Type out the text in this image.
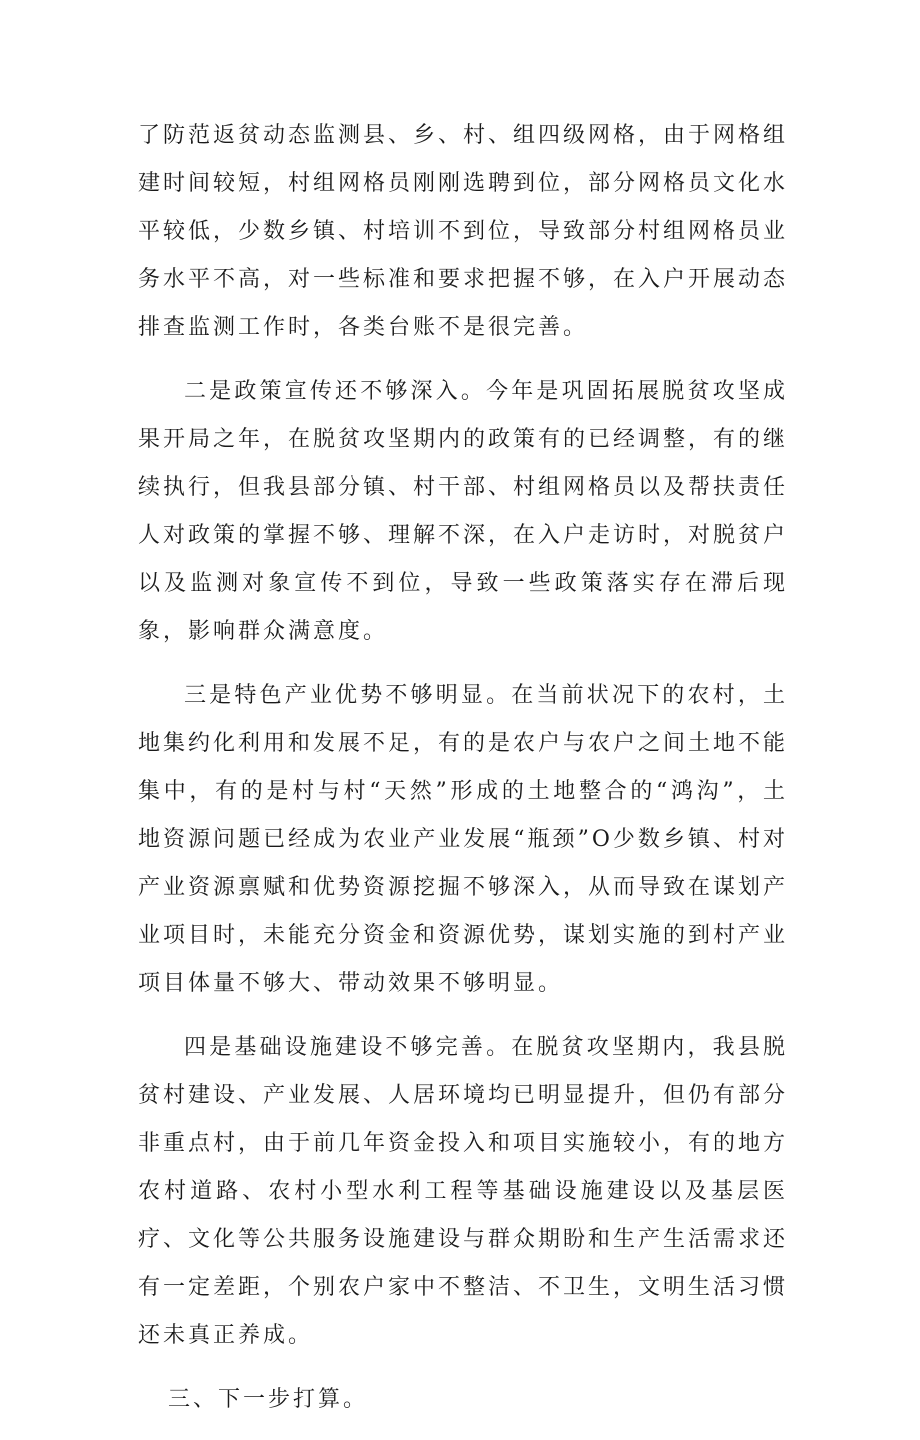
了防范返贫动态监测县、乡、村、组四级网格，由于网格组建时间较短，村组网格员刚刚选聘到位，部分网格员文化水平较低，少数乡镇、村培训不到位，导致部分村组网格员业务水平不高，对一些标准和要求把握不够，在入户开展动态排查监测工作时，各类台账不是很完善。

二是政策宣传还不够深入。今年是巩固拓展脱贫攻坚成果开局之年，在脱贫攻坚期内的政策有的已经调整，有的继续执行，但我县部分镇、村干部、村组网格员以及帮扶责任人对政策的掌握不够、理解不深，在入户走访时，对脱贫户以及监测对象宣传不到位，导致一些政策落实存在滞后现象，影响群众满意度。

三是特色产业优势不够明显。在当前状况下的农村，土地集约化利用和发展不足，有的是农户与农户之间土地不能集中，有的是村与村“天然”形成的土地整合的“鸿沟”，土地资源问题已经成为农业产业发展“瓶颈”O少数乡镇、村对产业资源禀赋和优势资源挖掘不够深入，从而导致在谋划产业项目时，未能充分资金和资源优势，谋划实施的到村产业项目体量不够大、带动效果不够明显。

四是基础设施建设不够完善。在脱贫攻坚期内，我县脱贫村建设、产业发展、人居环境均已明显提升，但仍有部分非重点村，由于前几年资金投入和项目实施较小，有的地方农村道路、农村小型水利工程等基础设施建设以及基层医疗、文化等公共服务设施建设与群众期盼和生产生活需求还有一定差距，个别农户家中不整洁、不卫生，文明生活习惯还未真正养成。

三、下一步打算。
